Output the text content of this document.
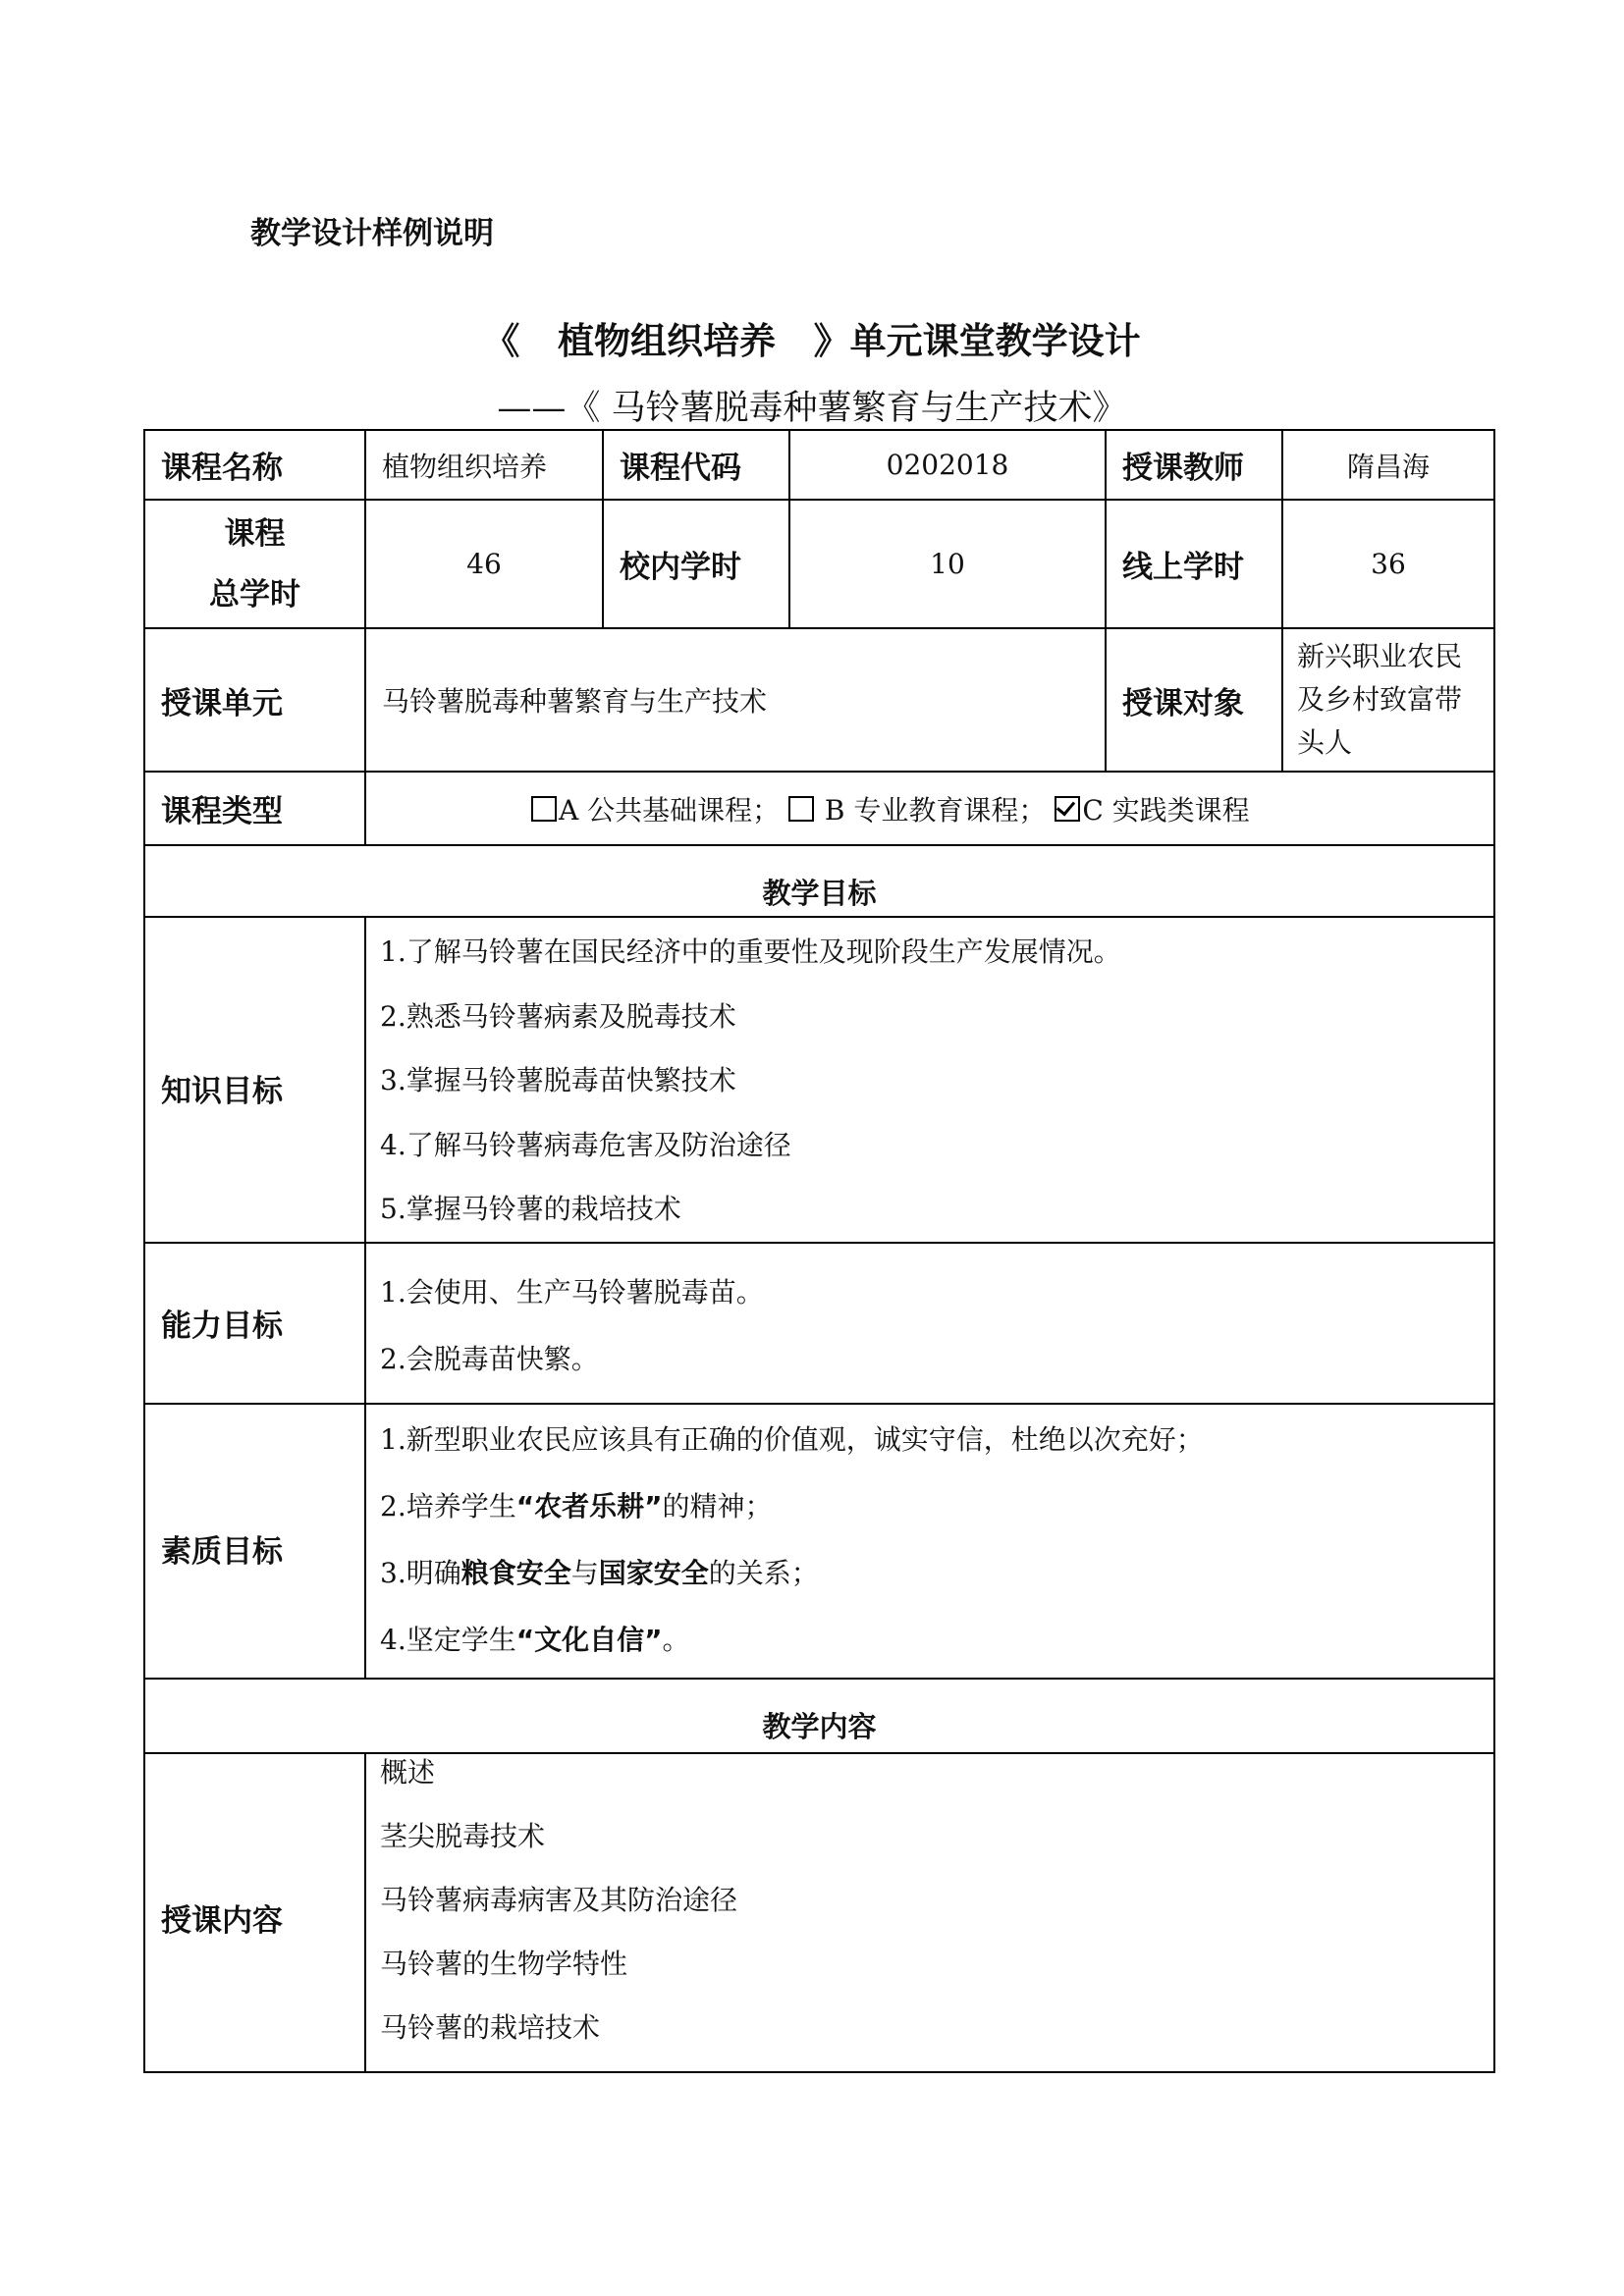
教学设计样例说明
《   植物组织培养   》单元课堂教学设计
——《 马铃薯脱毒种薯繁育与生产技术》
课程名称	植物组织培养	课程代码	0202018	授课教师	隋昌海

课程
总学时	46	校内学时	10	线上学时	36
授课单元	马铃薯脱毒种薯繁育与生产技术			授课对象	新兴职业农民
及乡村致富带
头人

课程类型	A 公共基础课程；  B 专业教育课程； C 实践类课程				
教学目标					
知识目标	1.了解马铃薯在国民经济中的重要性及现阶段生产发展情况。
2.熟悉马铃薯病素及脱毒技术
3.掌握马铃薯脱毒苗快繁技术
4.了解马铃薯病毒危害及防治途径
5.掌握马铃薯的栽培技术				

能力目标	1.会使用、生产马铃薯脱毒苗。
2.会脱毒苗快繁。				

素质目标	1.新型职业农民应该具有正确的价值观，诚实守信，杜绝以次充好；
2.培养学生“农者乐耕”的精神；
3.明确粮食安全与国家安全的关系；
4.坚定学生“文化自信”。				

教学内容					
授课内容	概述
茎尖脱毒技术
马铃薯病毒病害及其防治途径
马铃薯的生物学特性
马铃薯的栽培技术				
